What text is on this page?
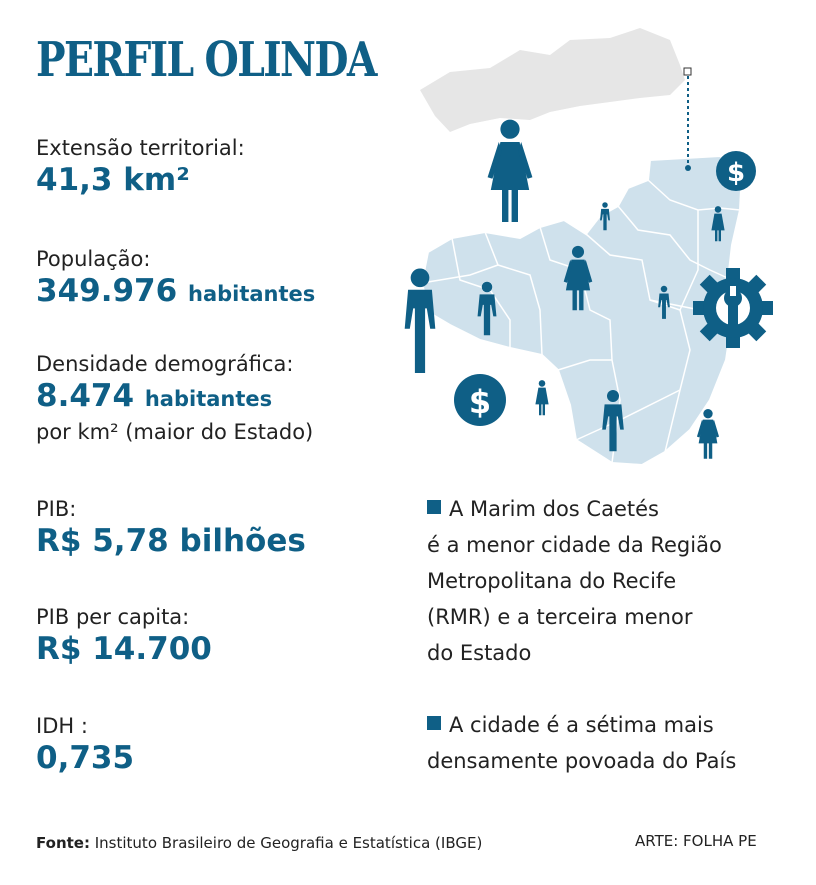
PERFIL OLINDA
Extensão territorial:
41,3 km²
População:
349.976 habitantes
Densidade demográfica:
8.474 habitantes
por km² (maior do Estado)
PIB:
R$ 5,78 bilhões
PIB per capita:
R$ 14.700
IDH :
0,735
A Marim dos Caetés
é a menor cidade da Região
Metropolitana do Recife
(RMR) e a terceira menor
do Estado
A cidade é a sétima mais
densamente povoada do País
$
$
Fonte: Instituto Brasileiro de Geografia e Estatística (IBGE)	ARTE: FOLHA PE
